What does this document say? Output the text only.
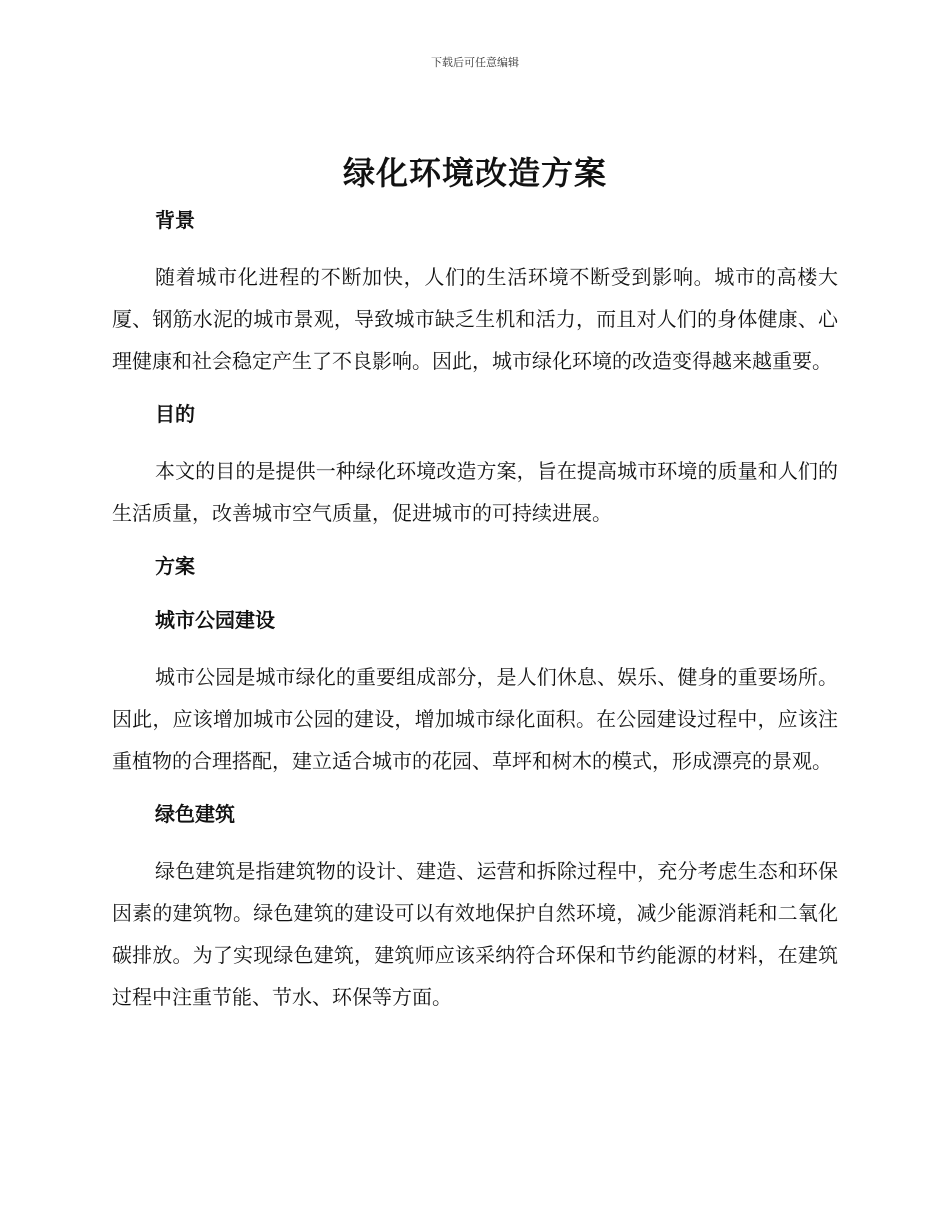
下载后可任意编辑
绿化环境改造方案
背景

随着城市化进程的不断加快，人们的生活环境不断受到影响。城市的高楼大厦、钢筋水泥的城市景观，导致城市缺乏生机和活力，而且对人们的身体健康、心理健康和社会稳定产生了不良影响。因此，城市绿化环境的改造变得越来越重要。

目的

本文的目的是提供一种绿化环境改造方案，旨在提高城市环境的质量和人们的生活质量，改善城市空气质量，促进城市的可持续进展。

方案
城市公园建设

城市公园是城市绿化的重要组成部分，是人们休息、娱乐、健身的重要场所。因此，应该增加城市公园的建设，增加城市绿化面积。在公园建设过程中，应该注重植物的合理搭配，建立适合城市的花园、草坪和树木的模式，形成漂亮的景观。

绿色建筑

绿色建筑是指建筑物的设计、建造、运营和拆除过程中，充分考虑生态和环保因素的建筑物。绿色建筑的建设可以有效地保护自然环境，减少能源消耗和二氧化碳排放。为了实现绿色建筑，建筑师应该采纳符合环保和节约能源的材料，在建筑过程中注重节能、节水、环保等方面。
